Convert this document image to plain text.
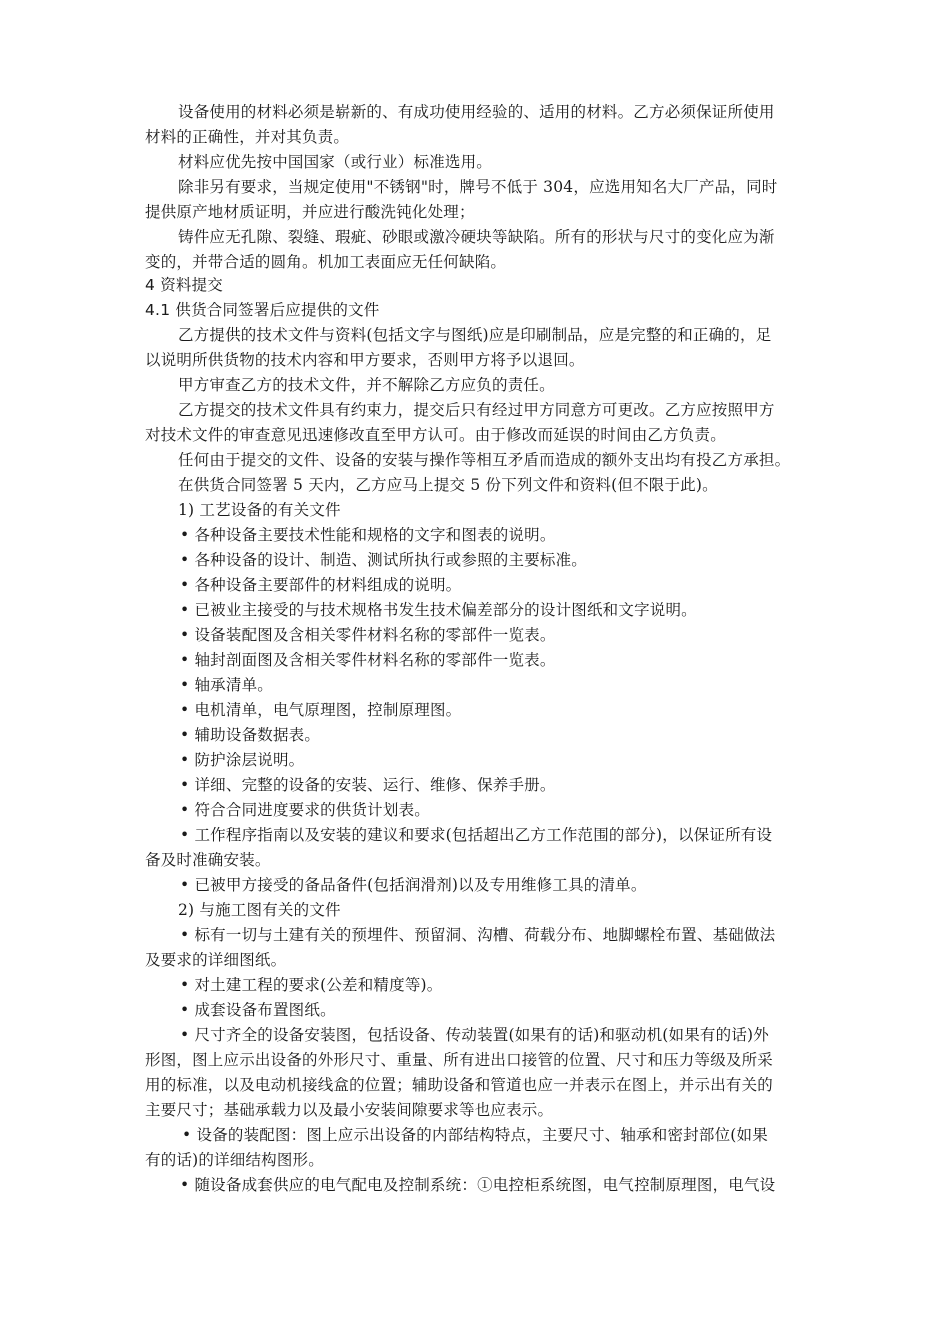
设备使用的材料必须是崭新的、有成功使用经验的、适用的材料。乙方必须保证所使用
材料的正确性，并对其负责。
材料应优先按中国国家（或行业）标准选用。
除非另有要求，当规定使用"不锈钢"时，牌号不低于 304，应选用知名大厂产品，同时
提供原产地材质证明，并应进行酸洗钝化处理；
铸件应无孔隙、裂缝、瑕疵、砂眼或激冷硬块等缺陷。所有的形状与尺寸的变化应为渐
变的，并带合适的圆角。机加工表面应无任何缺陷。
4 资料提交
4.1 供货合同签署后应提供的文件
乙方提供的技术文件与资料(包括文字与图纸)应是印刷制品，应是完整的和正确的，足
以说明所供货物的技术内容和甲方要求，否则甲方将予以退回。
甲方审查乙方的技术文件，并不解除乙方应负的责任。
乙方提交的技术文件具有约束力，提交后只有经过甲方同意方可更改。乙方应按照甲方
对技术文件的审查意见迅速修改直至甲方认可。由于修改而延误的时间由乙方负责。
任何由于提交的文件、设备的安装与操作等相互矛盾而造成的额外支出均有投乙方承担。
在供货合同签署 5 天内，乙方应马上提交 5 份下列文件和资料(但不限于此)。
1) 工艺设备的有关文件
• 各种设备主要技术性能和规格的文字和图表的说明。
• 各种设备的设计、制造、测试所执行或参照的主要标准。
• 各种设备主要部件的材料组成的说明。
• 已被业主接受的与技术规格书发生技术偏差部分的设计图纸和文字说明。
• 设备装配图及含相关零件材料名称的零部件一览表。
• 轴封剖面图及含相关零件材料名称的零部件一览表。
• 轴承清单。
• 电机清单，电气原理图，控制原理图。
• 辅助设备数据表。
• 防护涂层说明。
• 详细、完整的设备的安装、运行、维修、保养手册。
• 符合合同进度要求的供货计划表。
• 工作程序指南以及安装的建议和要求(包括超出乙方工作范围的部分)，以保证所有设
备及时准确安装。
• 已被甲方接受的备品备件(包括润滑剂)以及专用维修工具的清单。
2) 与施工图有关的文件
• 标有一切与土建有关的预埋件、预留洞、沟槽、荷载分布、地脚螺栓布置、基础做法
及要求的详细图纸。
• 对土建工程的要求(公差和精度等)。
• 成套设备布置图纸。
• 尺寸齐全的设备安装图，包括设备、传动装置(如果有的话)和驱动机(如果有的话)外
形图，图上应示出设备的外形尺寸、重量、所有进出口接管的位置、尺寸和压力等级及所采
用的标准，以及电动机接线盒的位置；辅助设备和管道也应一并表示在图上，并示出有关的
主要尺寸；基础承载力以及最小安装间隙要求等也应表示。
• 设备的装配图：图上应示出设备的内部结构特点，主要尺寸、轴承和密封部位(如果
有的话)的详细结构图形。
• 随设备成套供应的电气配电及控制系统：①电控柜系统图，电气控制原理图，电气设
